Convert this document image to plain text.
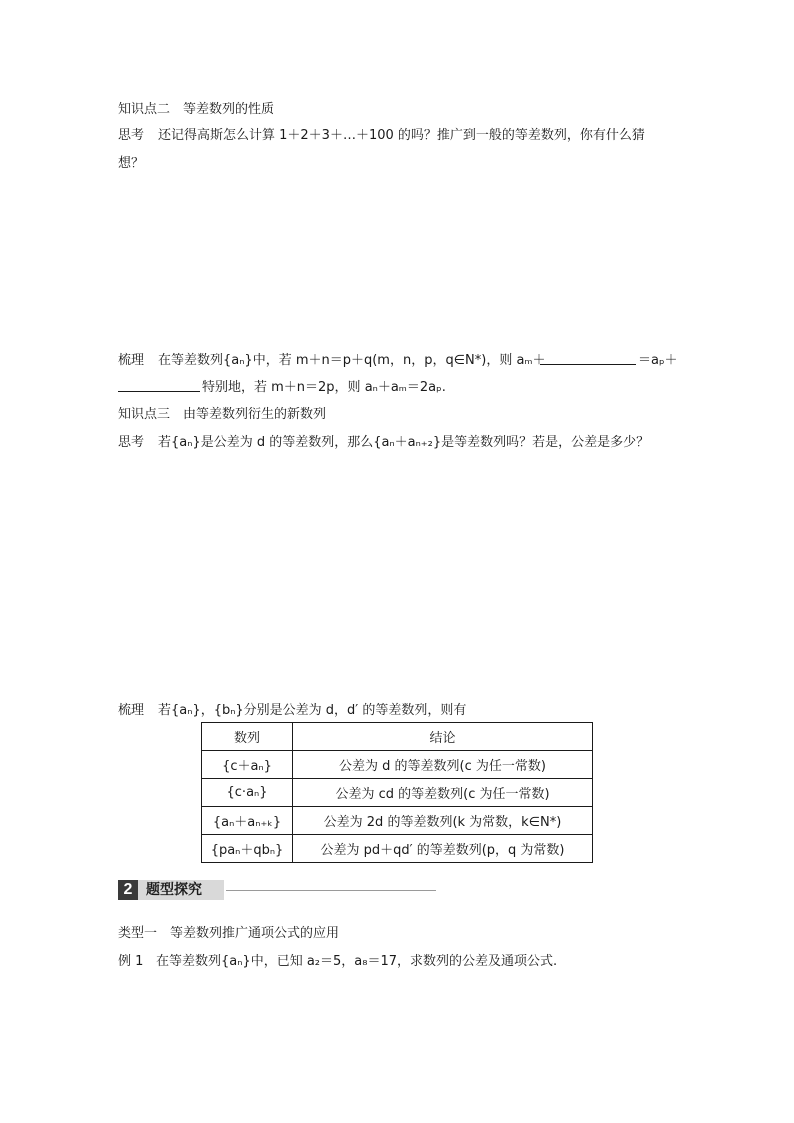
知识点二　等差数列的性质
思考 还记得高斯怎么计算 1＋2＋3＋…＋100 的吗？推广到一般的等差数列，你有什么猜
想？
梳理 在等差数列{aₙ}中，若 m＋n＝p＋q(m，n，p，q∈N*)，则 aₘ＋	＝aₚ＋
特别地，若 m＋n＝2p，则 aₙ＋aₘ＝2aₚ.
知识点三　由等差数列衍生的新数列
思考 若{aₙ}是公差为 d 的等差数列，那么{aₙ＋aₙ₊₂}是等差数列吗？若是，公差是多少？
梳理 若{aₙ}，{bₙ}分别是公差为 d，d′ 的等差数列，则有
数列	结论
{c＋aₙ}	公差为 d 的等差数列(c 为任一常数)
{c·aₙ}	公差为 cd 的等差数列(c 为任一常数)
{aₙ＋aₙ₊ₖ}	公差为 2d 的等差数列(k 为常数，k∈N*)
{paₙ＋qbₙ}	公差为 pd＋qd′ 的等差数列(p，q 为常数)
2 题型探究
类型一　等差数列推广通项公式的应用
例 1 在等差数列{aₙ}中，已知 a₂＝5，a₈＝17，求数列的公差及通项公式.
